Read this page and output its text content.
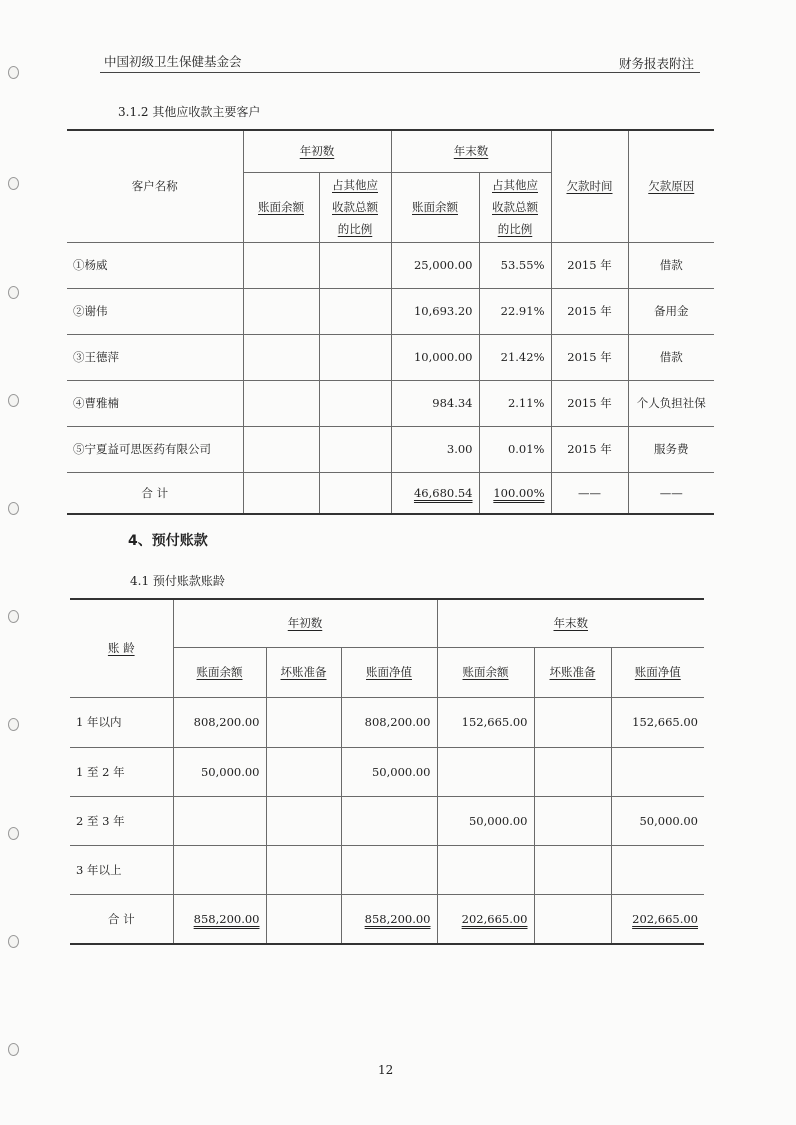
中国初级卫生保健基金会	财务报表附注
3.1.2 其他应收款主要客户
客户名称	年初数		年末数		欠款时间	欠款原因
	账面余额	占其他应
收款总额
的比例	账面余额	占其他应
收款总额
的比例		
①杨威			25,000.00	53.55%	2015 年	借款
②谢伟			10,693.20	22.91%	2015 年	备用金
③王德萍			10,000.00	21.42%	2015 年	借款
④曹雅楠			984.34	2.11%	2015 年	个人负担社保
⑤宁夏益可思医药有限公司			3.00	0.01%	2015 年	服务费
合 计			46,680.54	100.00%	——	——
4、预付账款
4.1 预付账款账龄
账 龄	年初数			年末数		
	账面余额	坏账准备	账面净值	账面余额	坏账准备	账面净值
1 年以内	808,200.00		808,200.00	152,665.00		152,665.00
1 至 2 年	50,000.00		50,000.00			
2 至 3 年				50,000.00		50,000.00
3 年以上						
合 计	858,200.00		858,200.00	202,665.00		202,665.00
12
